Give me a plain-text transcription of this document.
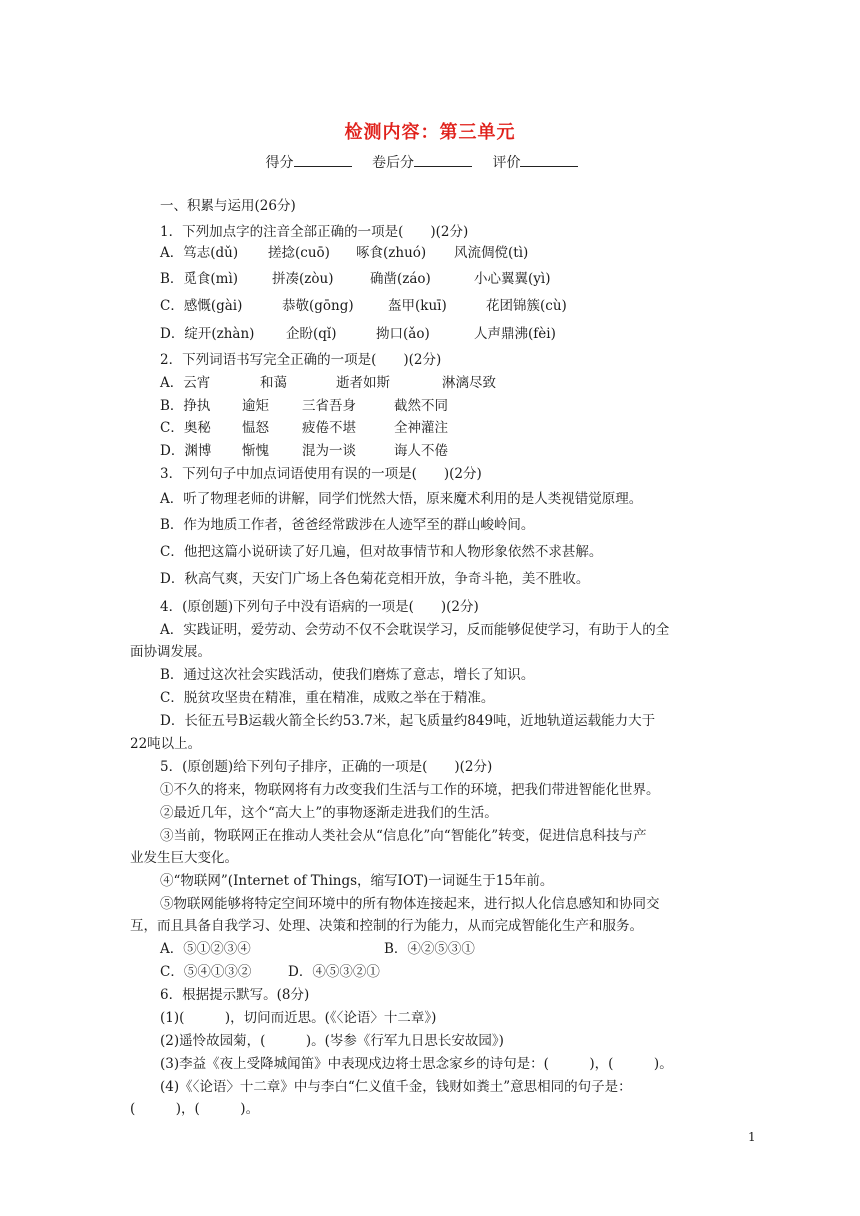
检测内容：第三单元
得分	卷后分	评价
一、积累与运用(26分)
1．下列加点字的注音全部正确的一项是(　　)(2分)
A．笃志(dǔ) 搓捻(cuō) 啄食(zhuó) 风流倜傥(tì)
B．觅食(mì)	拼凑(zòu)	确凿(záo)	小心翼翼(yì)
C．感慨(gài)	恭敬(gōng)	盔甲(kuī)	花团锦簇(cù)
D．绽开(zhàn) 企盼(qǐ)	拗口(ǎo)	人声鼎沸(fèi)
2．下列词语书写完全正确的一项是(　　)(2分)
A．云宵	和蔼	逝者如斯	淋漓尽致
B．挣执 逾矩 三省吾身	截然不同
C．奥秘 愠怒 疲倦不堪	全神灌注
D．渊博 惭愧 混为一谈	诲人不倦
3．下列句子中加点词语使用有误的一项是(　　)(2分)
A．听了物理老师的讲解，同学们恍然大悟，原来魔术利用的是人类视错觉原理。
B．作为地质工作者，爸爸经常跋涉在人迹罕至的群山峻岭间。
C．他把这篇小说研读了好几遍，但对故事情节和人物形象依然不求甚解。
D．秋高气爽，天安门广场上各色菊花竞相开放，争奇斗艳，美不胜收。
4．(原创题)下列句子中没有语病的一项是(　　)(2分)
A．实践证明，爱劳动、会劳动不仅不会耽误学习，反而能够促使学习，有助于人的全
面协调发展。
B．通过这次社会实践活动，使我们磨炼了意志，增长了知识。
C．脱贫攻坚贵在精准，重在精准，成败之举在于精准。
D．长征五号B运载火箭全长约53.7米，起飞质量约849吨，近地轨道运载能力大于
22吨以上。
5．(原创题)给下列句子排序，正确的一项是(　　)(2分)
①不久的将来，物联网将有力改变我们生活与工作的环境，把我们带进智能化世界。
②最近几年，这个“高大上”的事物逐渐走进我们的生活。
③当前，物联网正在推动人类社会从“信息化”向“智能化”转变，促进信息科技与产
业发生巨大变化。
④“物联网”(Internet of Things，缩写IOT)一词诞生于15年前。
⑤物联网能够将特定空间环境中的所有物体连接起来，进行拟人化信息感知和协同交
互，而且具备自我学习、处理、决策和控制的行为能力，从而完成智能化生产和服务。
A．⑤①②③④	B．④②⑤③①
C．⑤④①③②	D．④⑤③②①
6．根据提示默写。(8分)
(1)(　　　)，切问而近思。(《〈论语〉十二章》)
(2)遥怜故园菊，(　　　)。(岑参《行军九日思长安故园》)
(3)李益《夜上受降城闻笛》中表现戍边将士思念家乡的诗句是：(　　　)，(　　　)。
(4)《〈论语〉十二章》中与李白“仁义值千金，钱财如粪土”意思相同的句子是：
(　　　)，(　　　)。
1
